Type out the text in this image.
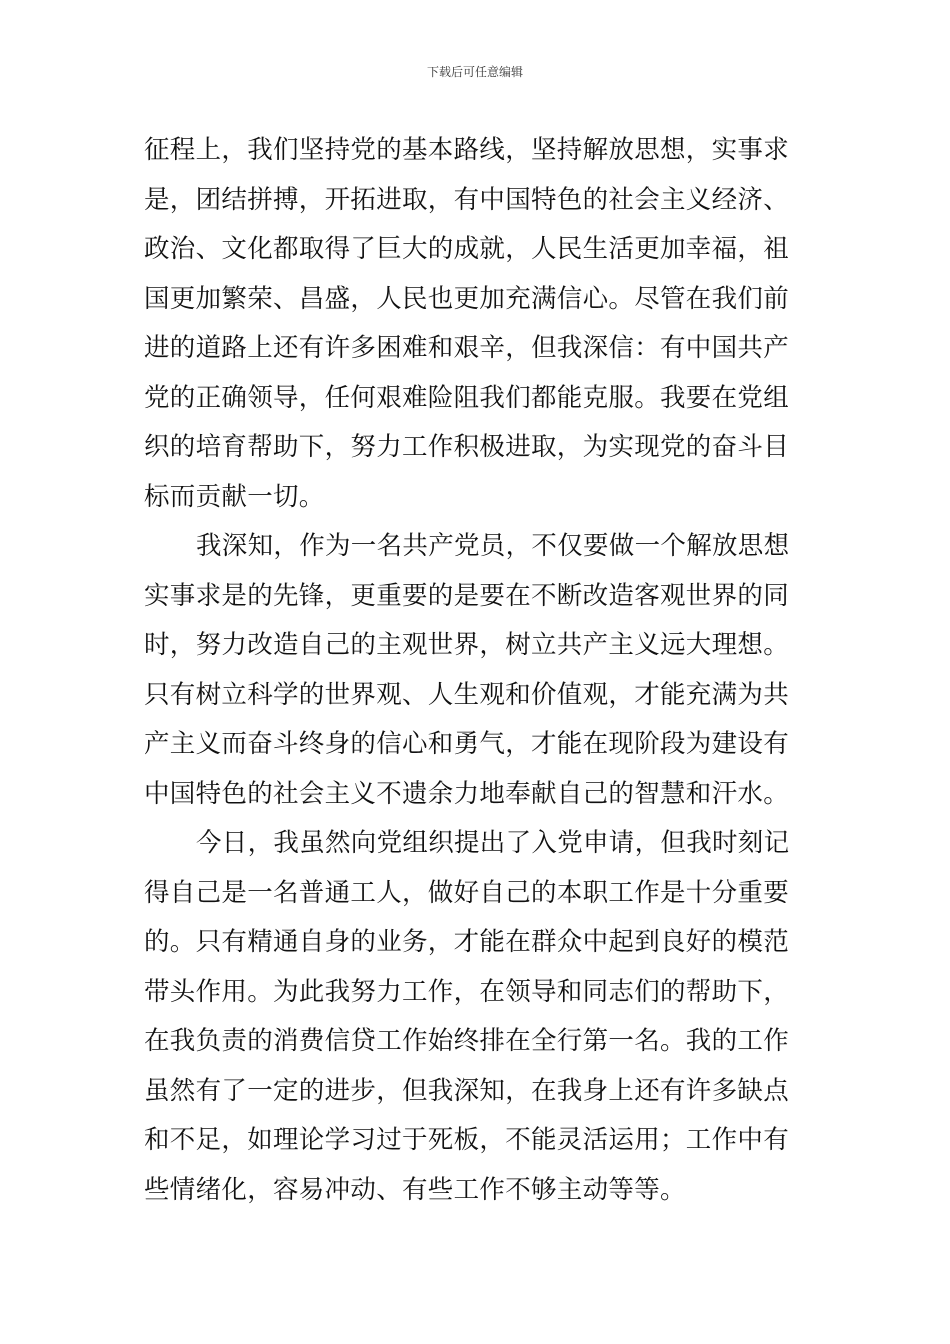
下载后可任意编辑
征程上，我们坚持党的基本路线，坚持解放思想，实事求
是，团结拼搏，开拓进取，有中国特色的社会主义经济、
政治、文化都取得了巨大的成就，人民生活更加幸福，祖
国更加繁荣、昌盛，人民也更加充满信心。尽管在我们前
进的道路上还有许多困难和艰辛，但我深信：有中国共产
党的正确领导，任何艰难险阻我们都能克服。我要在党组
织的培育帮助下，努力工作积极进取，为实现党的奋斗目
标而贡献一切。
我深知，作为一名共产党员，不仅要做一个解放思想
实事求是的先锋，更重要的是要在不断改造客观世界的同
时，努力改造自己的主观世界，树立共产主义远大理想。
只有树立科学的世界观、人生观和价值观，才能充满为共
产主义而奋斗终身的信心和勇气，才能在现阶段为建设有
中国特色的社会主义不遗余力地奉献自己的智慧和汗水。
今日，我虽然向党组织提出了入党申请，但我时刻记
得自己是一名普通工人，做好自己的本职工作是十分重要
的。只有精通自身的业务，才能在群众中起到良好的模范
带头作用。为此我努力工作，在领导和同志们的帮助下，
在我负责的消费信贷工作始终排在全行第一名。我的工作
虽然有了一定的进步，但我深知，在我身上还有许多缺点
和不足，如理论学习过于死板，不能灵活运用；工作中有
些情绪化，容易冲动、有些工作不够主动等等。
